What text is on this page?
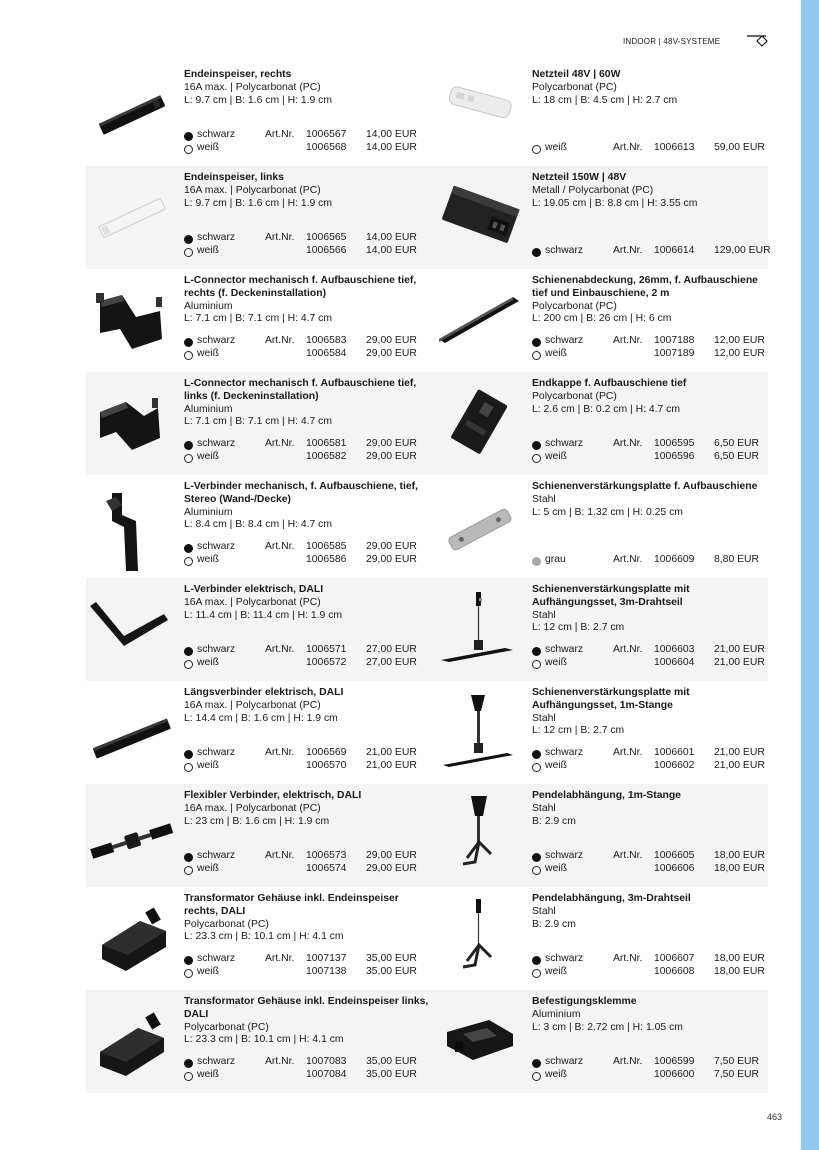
INDOOR | 48V-SYSTEME
Endeinspeiser, rechts
16A max. | Polycarbonat (PC)
L: 9.7 cm | B: 1.6 cm | H: 1.9 cm
schwarz	Art.Nr. 1006567 14,00 EUR
weiß	1006568 14,00 EUR
Netzteil 48V | 60W
Polycarbonat (PC)
L: 18 cm | B: 4.5 cm | H: 2.7 cm
weiß	Art.Nr. 1006613 59,00 EUR
Endeinspeiser, links
16A max. | Polycarbonat (PC)
L: 9.7 cm | B: 1.6 cm | H: 1.9 cm
schwarz	Art.Nr. 1006565 14,00 EUR
weiß	1006566 14,00 EUR
Netzteil 150W | 48V
Metall / Polycarbonat (PC)
L: 19.05 cm | B: 8.8 cm | H: 3.55 cm
schwarz	Art.Nr. 1006614 129,00 EUR
L-Connector mechanisch f. Aufbauschiene tief, rechts (f. Deckeninstallation)
Aluminium
L: 7.1 cm | B: 7.1 cm | H: 4.7 cm
schwarz	Art.Nr. 1006583 29,00 EUR
weiß	1006584 29,00 EUR
Schienenabdeckung, 26mm, f. Aufbauschiene tief und Einbauschiene, 2 m
Polycarbonat (PC)
L: 200 cm | B: 26 cm | H: 6 cm
schwarz	Art.Nr. 1007188 12,00 EUR
weiß	1007189 12,00 EUR
L-Connector mechanisch f. Aufbauschiene tief, links (f. Deckeninstallation)
Aluminium
L: 7.1 cm | B: 7.1 cm | H: 4.7 cm
schwarz	Art.Nr. 1006581 29,00 EUR
weiß	1006582 29,00 EUR
Endkappe f. Aufbauschiene tief
Polycarbonat (PC)
L: 2.6 cm | B: 0.2 cm | H: 4.7 cm
schwarz	Art.Nr. 1006595 6,50 EUR
weiß	1006596 6,50 EUR
L-Verbinder mechanisch, f. Aufbauschiene, tief, Stereo (Wand-/Decke)
Aluminium
L: 8.4 cm | B: 8.4 cm | H: 4.7 cm
schwarz	Art.Nr. 1006585 29,00 EUR
weiß	1006586 29,00 EUR
Schienenverstärkungsplatte f. Aufbauschiene
Stahl
L: 5 cm | B: 1.32 cm | H: 0.25 cm
grau	Art.Nr. 1006609 8,80 EUR
L-Verbinder elektrisch, DALI
16A max. | Polycarbonat (PC)
L: 11.4 cm | B: 11.4 cm | H: 1.9 cm
schwarz	Art.Nr. 1006571 27,00 EUR
weiß	1006572 27,00 EUR
Schienenverstärkungsplatte mit Aufhängungsset, 3m-Drahtseil
Stahl
L: 12 cm | B: 2.7 cm
schwarz	Art.Nr. 1006603 21,00 EUR
weiß	1006604 21,00 EUR
Längsverbinder elektrisch, DALI
16A max. | Polycarbonat (PC)
L: 14.4 cm | B: 1.6 cm | H: 1.9 cm
schwarz	Art.Nr. 1006569 21,00 EUR
weiß	1006570 21,00 EUR
Schienenverstärkungsplatte mit Aufhängungsset, 1m-Stange
Stahl
L: 12 cm | B: 2.7 cm
schwarz	Art.Nr. 1006601 21,00 EUR
weiß	1006602 21,00 EUR
Flexibler Verbinder, elektrisch, DALI
16A max. | Polycarbonat (PC)
L: 23 cm | B: 1.6 cm | H: 1.9 cm
schwarz	Art.Nr. 1006573 29,00 EUR
weiß	1006574 29,00 EUR
Pendelabhängung, 1m-Stange
Stahl
B: 2.9 cm
schwarz	Art.Nr. 1006605 18,00 EUR
weiß	1006606 18,00 EUR
Transformator Gehäuse inkl. Endeinspeiser rechts, DALI
Polycarbonat (PC)
L: 23.3 cm | B: 10.1 cm | H: 4.1 cm
schwarz	Art.Nr. 1007137 35,00 EUR
weiß	1007138 35,00 EUR
Pendelabhängung, 3m-Drahtseil
Stahl
B: 2.9 cm
schwarz	Art.Nr. 1006607 18,00 EUR
weiß	1006608 18,00 EUR
Transformator Gehäuse inkl. Endeinspeiser links, DALI
Polycarbonat (PC)
L: 23.3 cm | B: 10.1 cm | H: 4.1 cm
schwarz	Art.Nr. 1007083 35,00 EUR
weiß	1007084 35,00 EUR
Befestigungsklemme
Aluminium
L: 3 cm | B: 2.72 cm | H: 1.05 cm
schwarz	Art.Nr. 1006599 7,50 EUR
weiß	1006600 7,50 EUR
463
